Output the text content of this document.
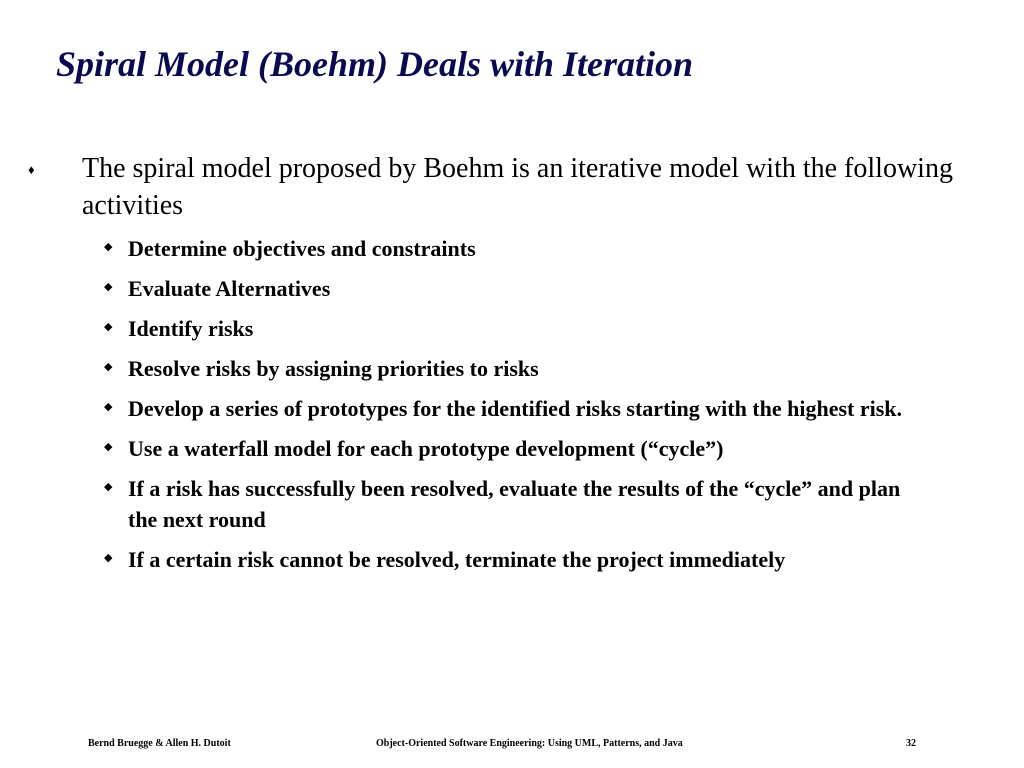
Spiral Model (Boehm) Deals with Iteration
♦ The spiral model proposed by Boehm is an iterative model with the following activities

◆ Determine objectives and constraints
◆ Evaluate Alternatives
◆ Identify risks
◆ Resolve risks by assigning priorities to risks
◆ Develop a series of prototypes for the identified risks starting with the highest risk.
◆ Use a waterfall model for each prototype development (“cycle”)
◆ If a risk has successfully been resolved, evaluate the results of the “cycle” and plan the next round
◆ If a certain risk cannot be resolved, terminate the project immediately
Bernd Bruegge & Allen H. Dutoit	Object-Oriented Software Engineering: Using UML, Patterns, and Java	32
